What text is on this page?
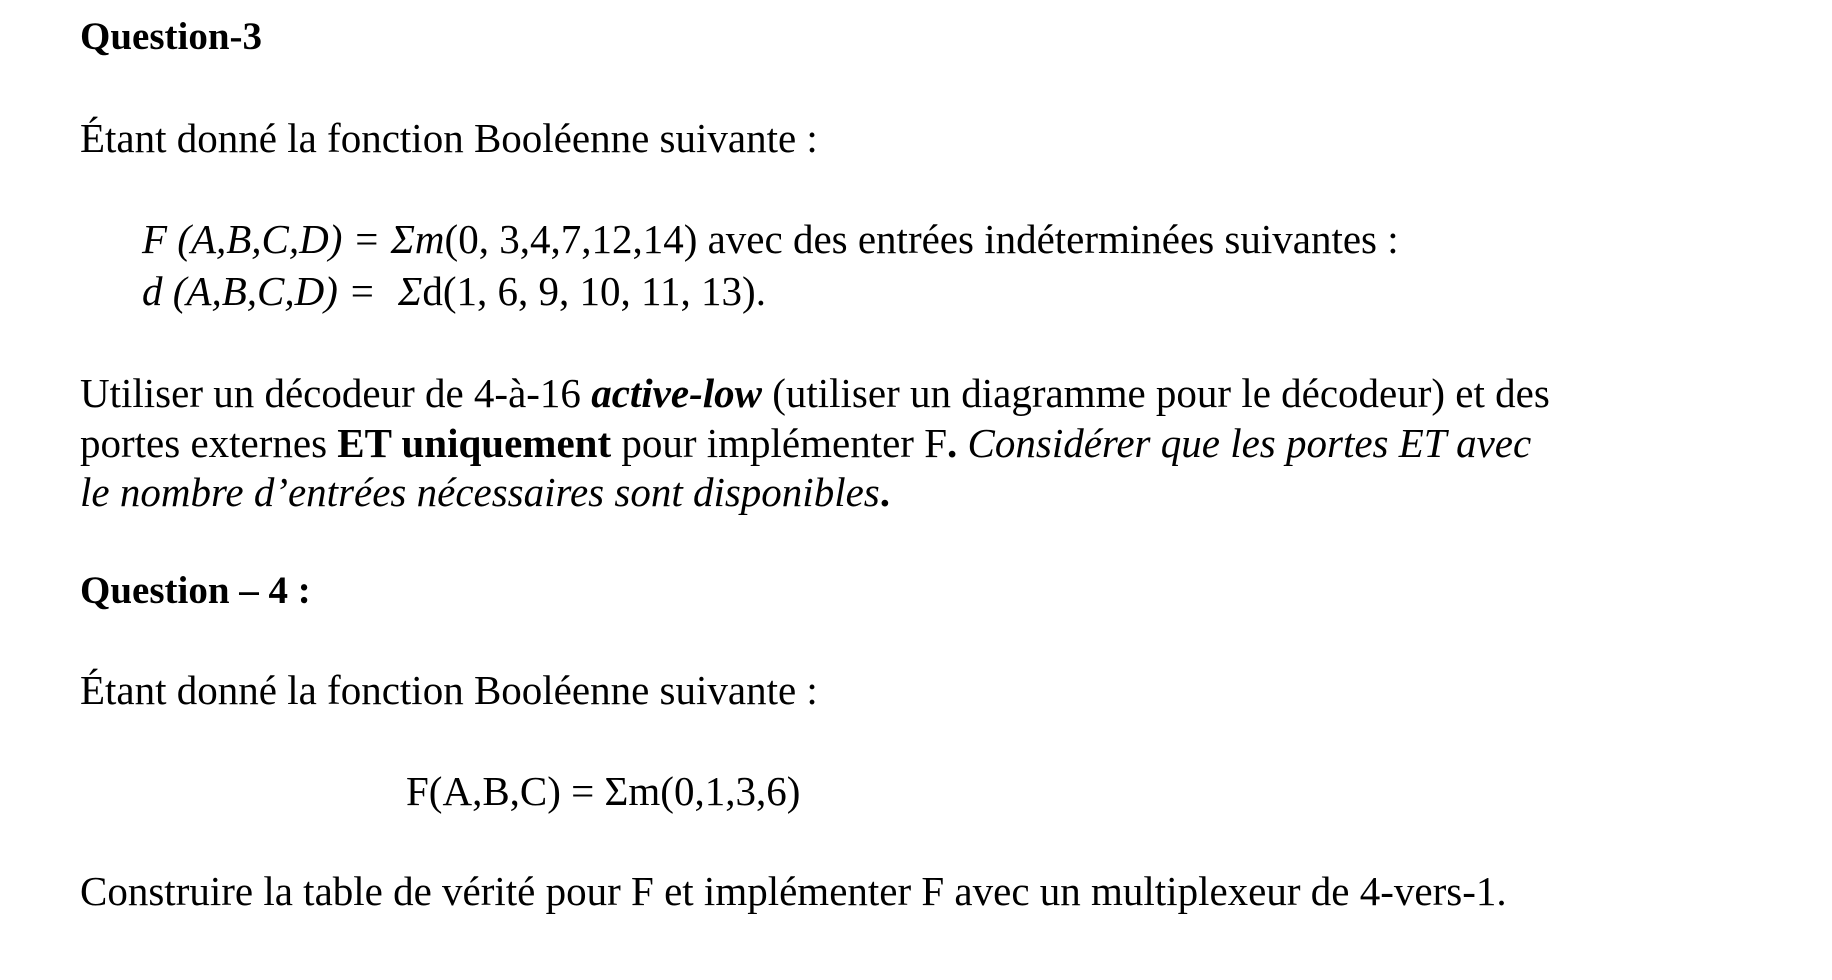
Question-3
Étant donné la fonction Booléenne suivante :
F (A,B,C,D) = Σm(0, 3,4,7,12,14) avec des entrées indéterminées suivantes :
d (A,B,C,D) = Σd(1, 6, 9, 10, 11, 13).
Utiliser un décodeur de 4-à-16 active-low (utiliser un diagramme pour le décodeur) et des
portes externes ET uniquement pour implémenter F. Considérer que les portes ET avec
le nombre d’entrées nécessaires sont disponibles.
Question – 4 :
Étant donné la fonction Booléenne suivante :
F(A,B,C) = Σm(0,1,3,6)
Construire la table de vérité pour F et implémenter F avec un multiplexeur de 4-vers-1.
